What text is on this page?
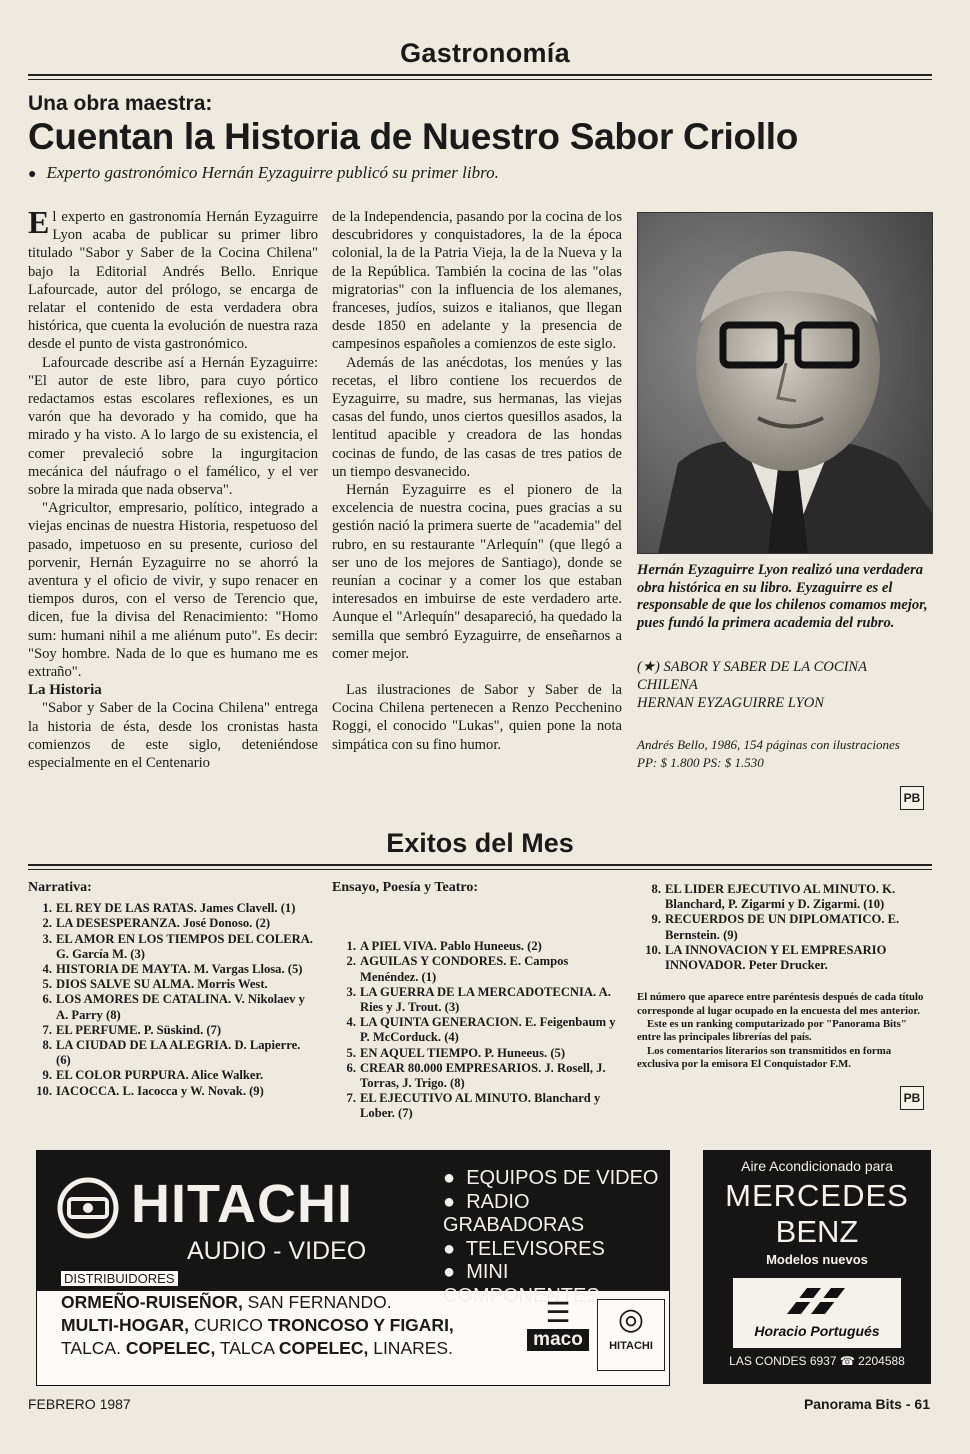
Gastronomía
Una obra maestra:
Cuentan la Historia de Nuestro Sabor Criollo
● Experto gastronómico Hernán Eyzaguirre publicó su primer libro.

El experto en gastronomía Hernán Eyzaguirre Lyon acaba de publicar su primer libro titulado "Sabor y Saber de la Cocina Chilena" bajo la Editorial Andrés Bello. Enrique Lafourcade, autor del prólogo, se encarga de relatar el contenido de esta verdadera obra histórica, que cuenta la evolución de nuestra raza desde el punto de vista gastronómico.

Lafourcade describe así a Hernán Eyzaguirre: "El autor de este libro, para cuyo pórtico redactamos estas escolares reflexiones, es un varón que ha devorado y ha comido, que ha mirado y ha visto. A lo largo de su existencia, el comer prevaleció sobre la ingurgitacion mecánica del náufrago o el famélico, y el ver sobre la mirada que nada observa".

"Agricultor, empresario, político, integrado a viejas encinas de nuestra Historia, respetuoso del pasado, impetuoso en su presente, curioso del porvenir, Hernán Eyzaguirre no se ahorró la aventura y el oficio de vivir, y supo renacer en tiempos duros, con el verso de Terencio que, dicen, fue la divisa del Renacimiento: "Homo sum: humani nihil a me aliénum puto". Es decir: "Soy hombre. Nada de lo que es humano me es extraño".

La Historia

"Sabor y Saber de la Cocina Chilena" entrega la historia de ésta, desde los cronistas hasta comienzos de este siglo, deteniéndose especialmente en el Centenario

de la Independencia, pasando por la cocina de los descubridores y conquistadores, la de la época colonial, la de la Patria Vieja, la de la Nueva y la de la República. También la cocina de las "olas migratorias" con la influencia de los alemanes, franceses, judíos, suizos e italianos, que llegan desde 1850 en adelante y la presencia de campesinos españoles a comienzos de este siglo.

Además de las anécdotas, los menúes y las recetas, el libro contiene los recuerdos de Eyzaguirre, su madre, sus hermanas, las viejas casas del fundo, unos ciertos quesillos asados, la lentitud apacible y creadora de las hondas cocinas de fundo, de las casas de tres patios de un tiempo desvanecido.

Hernán Eyzaguirre es el pionero de la excelencia de nuestra cocina, pues gracias a su gestión nació la primera suerte de "academia" del rubro, en su restaurante "Arlequín" (que llegó a ser uno de los mejores de Santiago), donde se reunían a cocinar y a comer los que estaban interesados en imbuirse de este verdadero arte. Aunque el "Arlequín" desapareció, ha quedado la semilla que sembró Eyzaguirre, de enseñarnos a comer mejor.

Las ilustraciones de Sabor y Saber de la Cocina Chilena pertenecen a Renzo Pecchenino Roggi, el conocido "Lukas", quien pone la nota simpática con su fino humor.

Hernán Eyzaguirre Lyon realizó una verdadera obra histórica en su libro. Eyzaguirre es el responsable de que los chilenos comamos mejor, pues fundó la primera academia del rubro.
(★) SABOR Y SABER DE LA COCINA
CHILENA
HERNAN EYZAGUIRRE LYON
Andrés Bello, 1986, 154 páginas con ilustraciones
PP: $ 1.800 PS: $ 1.530
PB
Exitos del Mes
Narrativa:
1. EL REY DE LAS RATAS. James Clavell. (1)
2. LA DESESPERANZA. José Donoso. (2)
3. EL AMOR EN LOS TIEMPOS DEL COLERA. G. García M. (3)
4. HISTORIA DE MAYTA. M. Vargas Llosa. (5)
5. DIOS SALVE SU ALMA. Morris West.
6. LOS AMORES DE CATALINA. V. Nikolaev y A. Parry (8)
7. EL PERFUME. P. Süskind. (7)
8. LA CIUDAD DE LA ALEGRIA. D. Lapierre. (6)
9. EL COLOR PURPURA. Alice Walker.
10. IACOCCA. L. Iacocca y W. Novak. (9)
Ensayo, Poesía y Teatro:
1. A PIEL VIVA. Pablo Huneeus. (2)
2. AGUILAS Y CONDORES. E. Campos Menéndez. (1)
3. LA GUERRA DE LA MERCADOTECNIA. A. Ries y J. Trout. (3)
4. LA QUINTA GENERACION. E. Feigenbaum y P. McCorduck. (4)
5. EN AQUEL TIEMPO. P. Huneeus. (5)
6. CREAR 80.000 EMPRESARIOS. J. Rosell, J. Torras, J. Trigo. (8)
7. EL EJECUTIVO AL MINUTO. Blanchard y Lober. (7)
8. EL LIDER EJECUTIVO AL MINUTO. K. Blanchard, P. Zigarmi y D. Zigarmi. (10)
9. RECUERDOS DE UN DIPLOMATICO. E. Bernstein. (9)
10. LA INNOVACION Y EL EMPRESARIO INNOVADOR. Peter Drucker.

El número que aparece entre paréntesis después de cada título corresponde al lugar ocupado en la encuesta del mes anterior.

Este es un ranking computarizado por "Panorama Bits" entre las principales librerías del país.

Los comentarios literarios son transmitidos en forma exclusiva por la emisora El Conquistador F.M.

PB
HITACHI
AUDIO - VIDEO
●  EQUIPOS DE VIDEO
●  RADIO GRABADORAS
●  TELEVISORES
●  MINI COMPONENTES
DISTRIBUIDORES
ORMEÑO-RUISEÑOR, SAN FERNANDO.
MULTI-HOGAR, CURICO TRONCOSO Y FIGARI,
TALCA. COPELEC, TALCA COPELEC, LINARES.
☰
maco
◎
HITACHI
Aire Acondicionado para
MERCEDES
BENZ
Modelos nuevos
Horacio Portugués
LAS CONDES 6937 ☎ 2204588
FEBRERO 1987	Panorama Bits - 61
